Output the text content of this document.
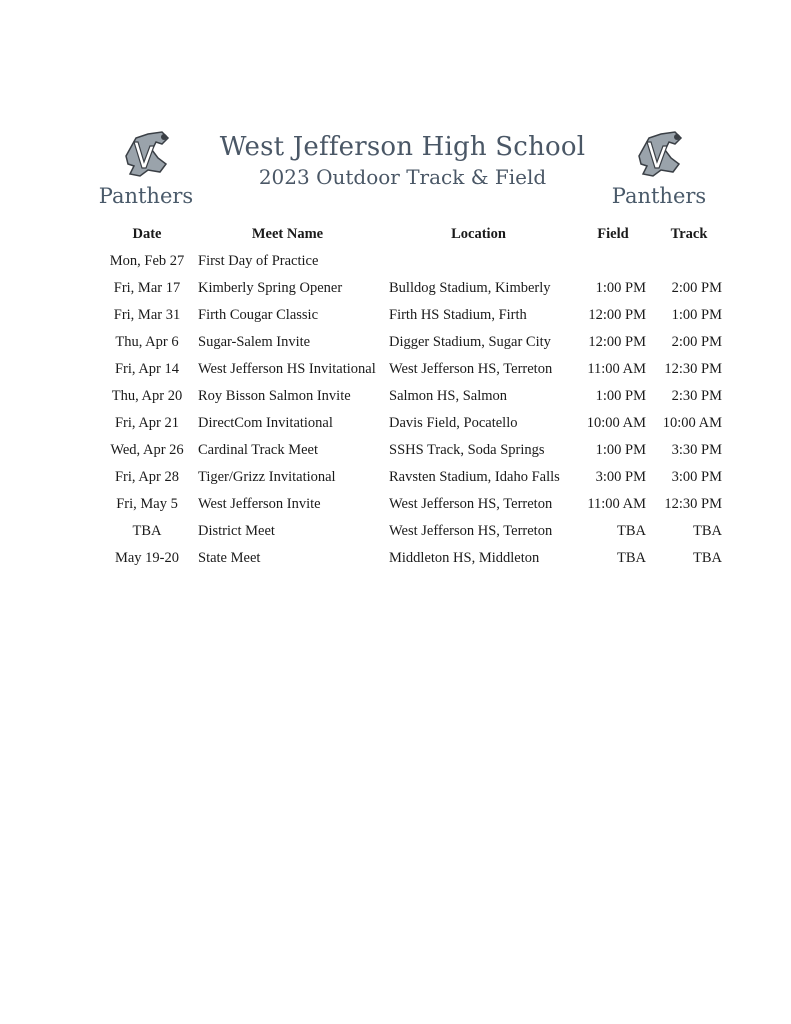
Panthers
West Jefferson High School
2023 Outdoor Track & Field
Panthers
Date	Meet Name	Location	Field	Track
Mon, Feb 27	First Day of Practice			
Fri, Mar 17	Kimberly Spring Opener	Bulldog Stadium, Kimberly	1:00 PM	2:00 PM
Fri, Mar 31	Firth Cougar Classic	Firth HS Stadium, Firth	12:00 PM	1:00 PM
Thu, Apr 6	Sugar-Salem Invite	Digger Stadium, Sugar City	12:00 PM	2:00 PM
Fri, Apr 14	West Jefferson HS Invitational	West Jefferson HS, Terreton	11:00 AM	12:30 PM
Thu, Apr 20	Roy Bisson Salmon Invite	Salmon HS, Salmon	1:00 PM	2:30 PM
Fri, Apr 21	DirectCom Invitational	Davis Field, Pocatello	10:00 AM	10:00 AM
Wed, Apr 26	Cardinal Track Meet	SSHS Track, Soda Springs	1:00 PM	3:30 PM
Fri, Apr 28	Tiger/Grizz Invitational	Ravsten Stadium, Idaho Falls	3:00 PM	3:00 PM
Fri, May 5	West Jefferson Invite	West Jefferson HS, Terreton	11:00 AM	12:30 PM
TBA	District Meet	West Jefferson HS, Terreton	TBA	TBA
May 19-20	State Meet	Middleton HS, Middleton	TBA	TBA
